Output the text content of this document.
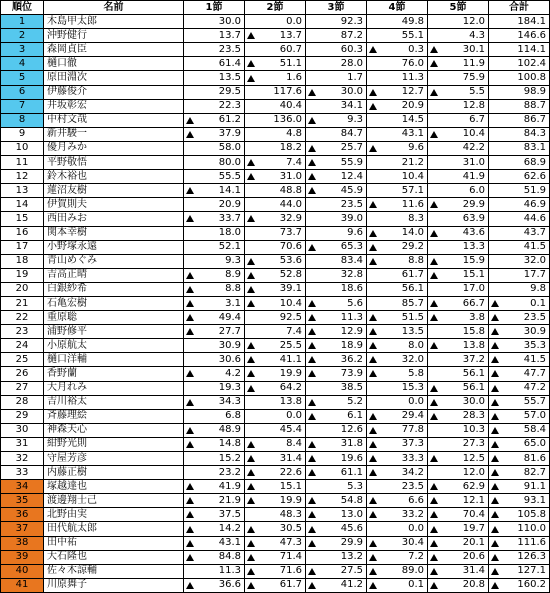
順位	名前	1節	2節	3節	4節	5節	合計
1	木島甲太郎	30.0	0.0	92.3	49.8	12.0	184.1

2	沖野健行	13.7	13.7	87.2	55.1	4.3	146.6

3	森岡貞臣	23.5	60.7	60.3	0.3	30.1	114.1

4	樋口徹	61.4	51.1	28.0	76.0	11.9	102.4

5	原田淵次	13.5	1.6	1.7	11.3	75.9	100.8

6	伊藤俊介	29.5	117.6	30.0	12.7	5.5	98.9

7	井坂彰宏	22.3	40.4	34.1	20.9	12.8	88.7

8	中村文哉	61.2	136.0	9.3	14.5	6.7	86.7

9	新井駿一	37.9	4.8	84.7	43.1	10.4	84.3

10	優月みか	58.0	18.2	25.7	9.6	42.2	83.1

11	平野敬悟	80.0	7.4	55.9	21.2	31.0	68.9

12	鈴木裕也	55.5	31.0	12.4	10.4	41.9	62.6

13	蓮沼友樹	14.1	48.8	45.9	57.1	6.0	51.9

14	伊賀則夫	20.9	44.0	23.5	11.6	29.9	46.9

15	西田みお	33.7	32.9	39.0	8.3	63.9	44.6

16	関本幸樹	18.0	73.7	9.6	14.0	43.6	43.7

17	小野塚永遠	52.1	70.6	65.3	29.2	13.3	41.5

18	青山めぐみ	9.3	53.6	83.4	8.8	15.9	32.0

19	吉高正晴	8.9	52.8	32.8	61.7	15.1	17.7

20	白銀紗希	8.8	39.1	18.6	56.1	17.0	9.8

21	石亀宏樹	3.1	10.4	5.6	85.7	66.7	0.1

22	重原聡	49.4	92.5	11.3	51.5	3.8	23.5

23	浦野修平	27.7	7.4	12.9	13.5	15.8	30.9

24	小原航太	30.9	25.5	18.9	8.0	13.8	35.3

25	樋口洋輔	30.6	41.1	36.2	32.0	37.2	41.5

26	香野蘭	4.2	19.9	73.9	5.8	56.1	47.7

27	大月れみ	19.3	64.2	38.5	15.3	56.1	47.2

28	吉川裕太	34.3	13.8	5.2	0.0	30.0	55.7

29	斉藤理絵	6.8	0.0	6.1	29.4	28.3	57.0

30	神森天心	48.9	45.4	12.6	77.8	10.3	58.4

31	紺野光則	14.8	8.4	31.8	37.3	27.3	65.0

32	守屋芳彦	15.2	31.4	19.6	33.3	12.5	81.6

33	内藤正樹	23.2	22.6	61.1	34.2	12.0	82.7

34	塚越達也	41.9	15.1	5.3	23.5	62.9	91.1

35	渡邊翔士己	21.9	19.9	54.8	6.6	12.1	93.1

36	北野由実	37.5	48.3	13.0	33.2	70.4	105.8

37	田代航太郎	14.2	30.5	45.6	0.0	19.7	110.0

38	田中祐	43.1	47.3	29.9	30.4	20.1	111.6

39	大石隆也	84.8	71.4	13.2	7.2	20.6	126.3

40	佐々木諒輔	11.3	71.6	27.5	89.0	31.4	127.1

41	川原舞子	36.6	61.7	41.2	0.1	20.8	160.2
